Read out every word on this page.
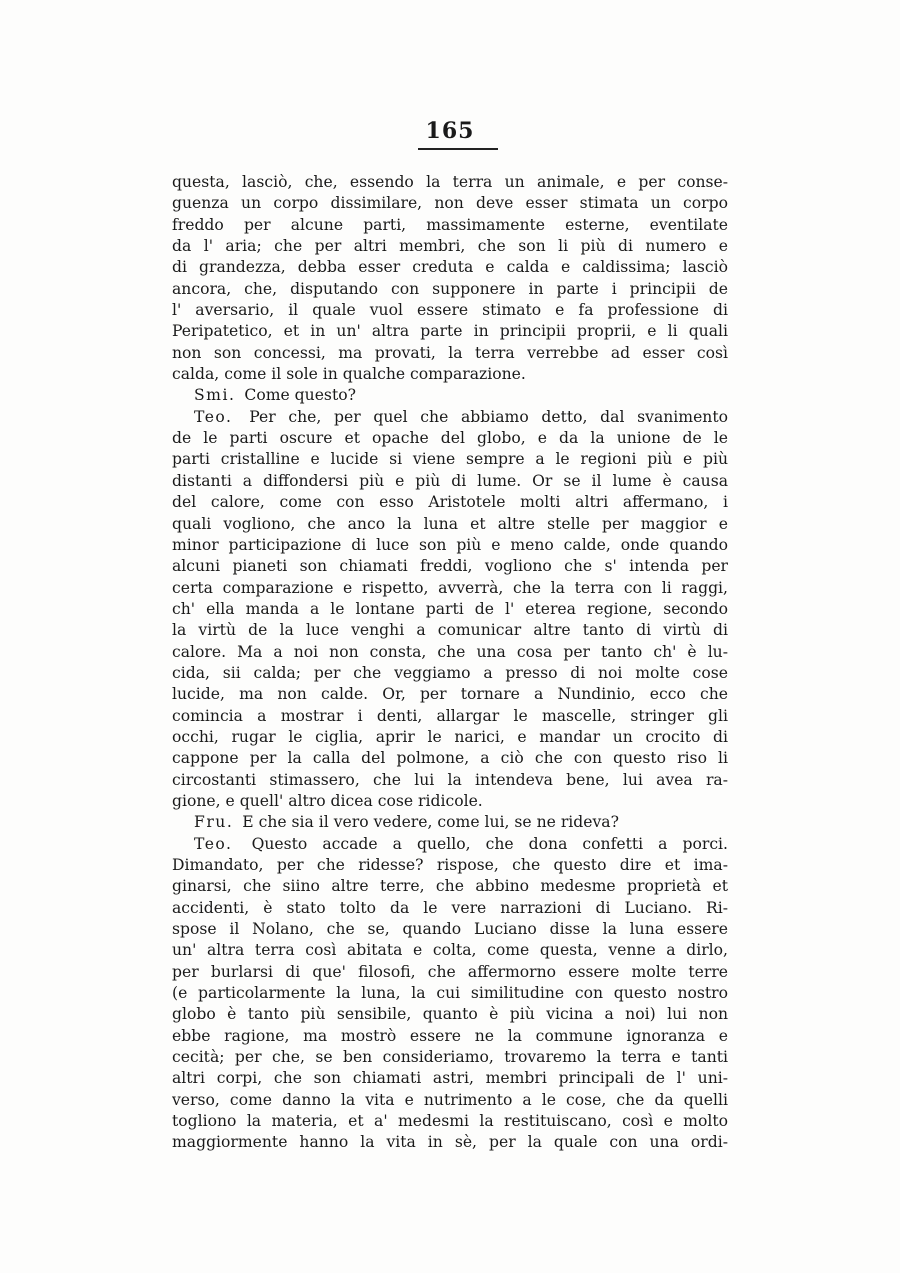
165
questa, lasciò, che, essendo la terra un animale, e per conse-
guenza un corpo dissimilare, non deve esser stimata un corpo
freddo per alcune parti, massimamente esterne, eventilate
da l' aria; che per altri membri, che son li più di numero e
di grandezza, debba esser creduta e calda e caldissima; lasciò
ancora, che, disputando con supponere in parte i principii de
l' aversario, il quale vuol essere stimato e fa professione di
Peripatetico, et in un' altra parte in principii proprii, e li quali
non son concessi, ma provati, la terra verrebbe ad esser così
calda, come il sole in qualche comparazione.
Smi. Come questo?
Teo. Per che, per quel che abbiamo detto, dal svanimento
de le parti oscure et opache del globo, e da la unione de le
parti cristalline e lucide si viene sempre a le regioni più e più
distanti a diffondersi più e più di lume. Or se il lume è causa
del calore, come con esso Aristotele molti altri affermano, i
quali vogliono, che anco la luna et altre stelle per maggior e
minor participazione di luce son più e meno calde, onde quando
alcuni pianeti son chiamati freddi, vogliono che s' intenda per
certa comparazione e rispetto, avverrà, che la terra con li raggi,
ch' ella manda a le lontane parti de l' eterea regione, secondo
la virtù de la luce venghi a comunicar altre tanto di virtù di
calore. Ma a noi non consta, che una cosa per tanto ch' è lu-
cida, sii calda; per che veggiamo a presso di noi molte cose
lucide, ma non calde. Or, per tornare a Nundinio, ecco che
comincia a mostrar i denti, allargar le mascelle, stringer gli
occhi, rugar le ciglia, aprir le narici, e mandar un crocito di
cappone per la calla del polmone, a ciò che con questo riso li
circostanti stimassero, che lui la intendeva bene, lui avea ra-
gione, e quell' altro dicea cose ridicole.
Fru. E che sia il vero vedere, come lui, se ne rideva?
Teo. Questo accade a quello, che dona confetti a porci.
Dimandato, per che ridesse? rispose, che questo dire et ima-
ginarsi, che siino altre terre, che abbino medesme proprietà et
accidenti, è stato tolto da le vere narrazioni di Luciano. Ri-
spose il Nolano, che se, quando Luciano disse la luna essere
un' altra terra così abitata e colta, come questa, venne a dirlo,
per burlarsi di que' filosofi, che affermorno essere molte terre
(e particolarmente la luna, la cui similitudine con questo nostro
globo è tanto più sensibile, quanto è più vicina a noi) lui non
ebbe ragione, ma mostrò essere ne la commune ignoranza e
cecità; per che, se ben consideriamo, trovaremo la terra e tanti
altri corpi, che son chiamati astri, membri principali de l' uni-
verso, come danno la vita e nutrimento a le cose, che da quelli
togliono la materia, et a' medesmi la restituiscano, così e molto
maggiormente hanno la vita in sè, per la quale con una ordi-
